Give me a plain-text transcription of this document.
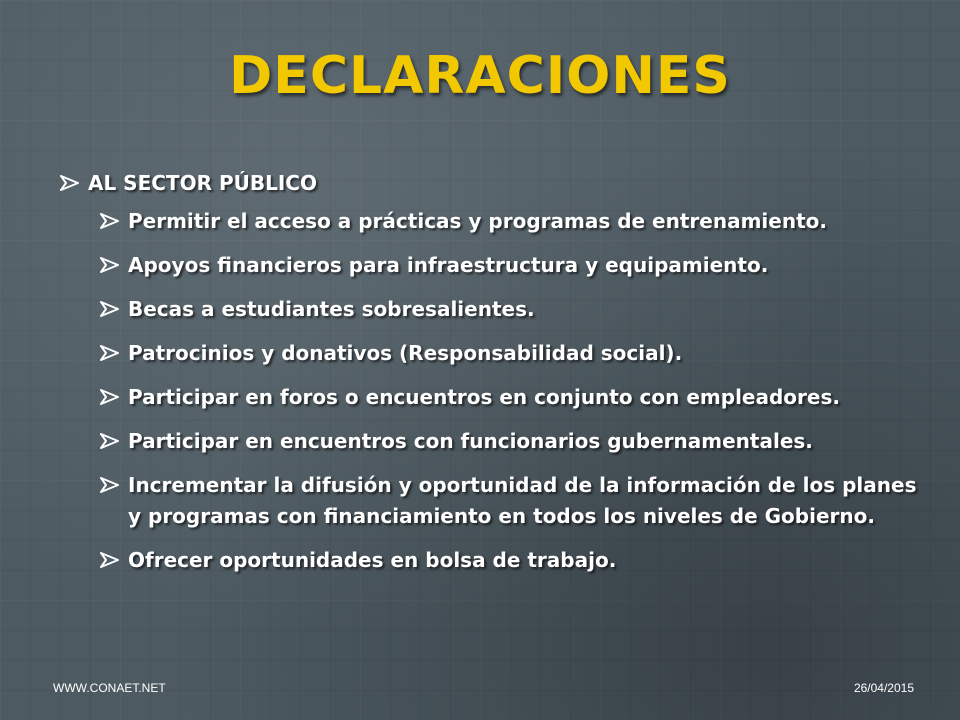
DECLARACIONES
AL SECTOR PÚBLICO
Permitir el acceso a prácticas y programas de entrenamiento.
Apoyos financieros para infraestructura y equipamiento.
Becas a estudiantes sobresalientes.
Patrocinios y donativos (Responsabilidad social).
Participar en foros o encuentros en conjunto con empleadores.
Participar en encuentros con funcionarios gubernamentales.
Incrementar la difusión y oportunidad de la información de los planes y programas con financiamiento en todos los niveles de Gobierno.
Ofrecer oportunidades en bolsa de trabajo.
WWW.CONAET.NET	26/04/2015
